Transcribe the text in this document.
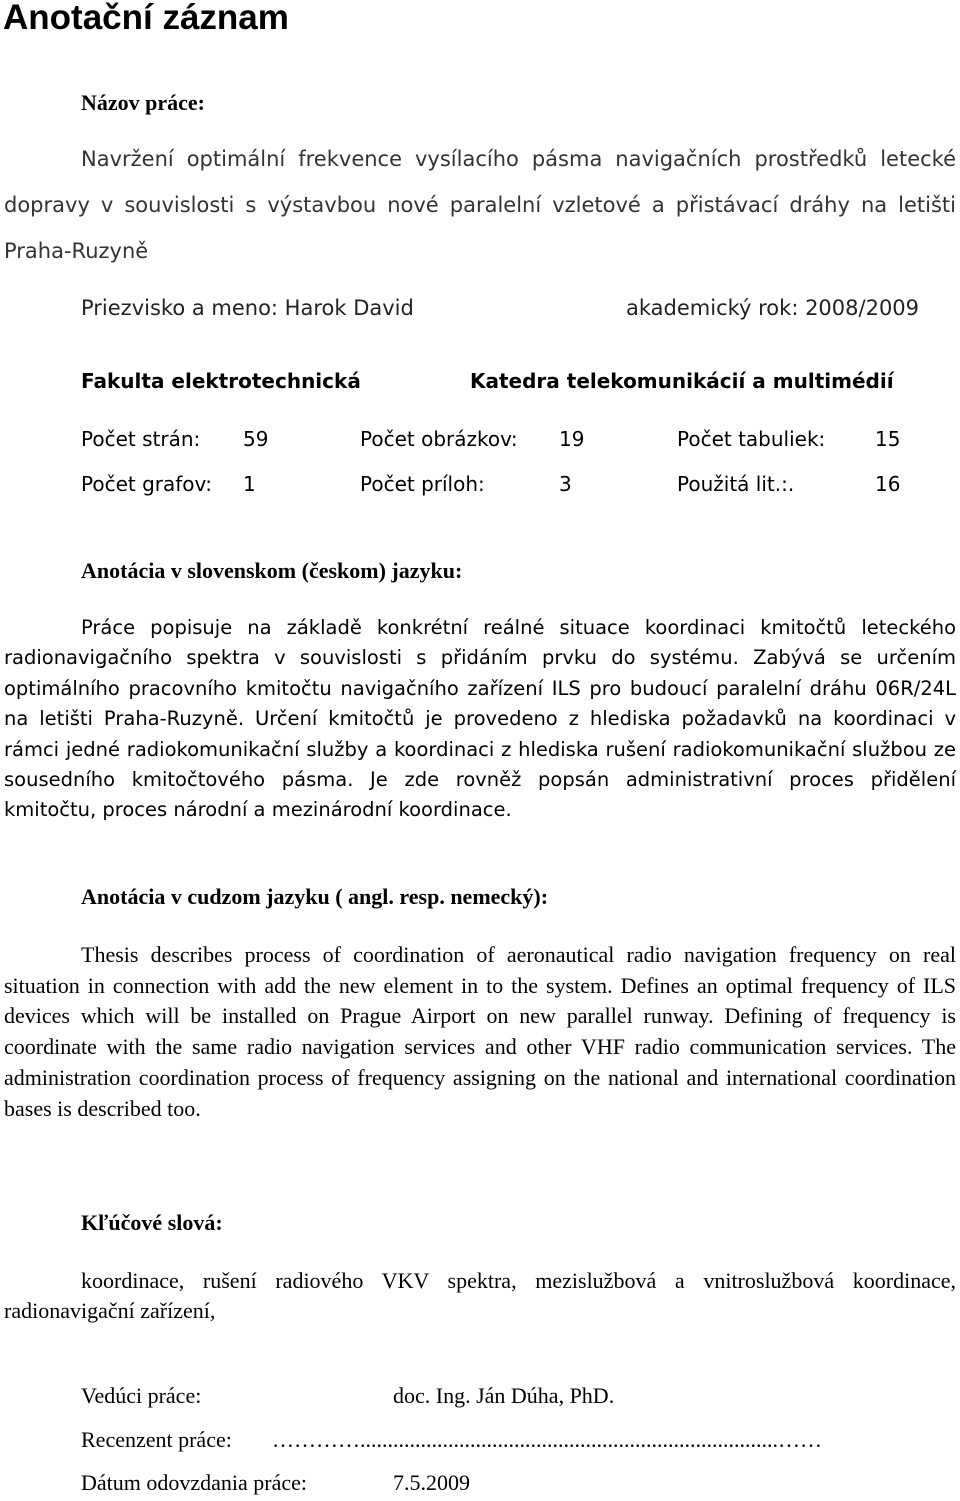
Anotační záznam
Názov práce:

Navržení optimální frekvence vysílacího pásma navigačních prostředků letecké dopravy v souvislosti s výstavbou nové paralelní vzletové a přistávací dráhy na letišti Praha-Ruzyně

Priezvisko a meno: Harok David	akademický rok: 2008/2009
Fakulta elektrotechnická	Katedra telekomunikácií a multimédií
Počet strán: 59	Počet obrázkov: 19	Počet tabuliek: 15
Počet grafov: 1	Počet príloh:	3	Použitá lit.:.	16
Anotácia v slovenskom (českom) jazyku:

Práce popisuje na základě konkrétní reálné situace koordinaci kmitočtů leteckého radionavigačního spektra v souvislosti s přidáním prvku do systému. Zabývá se určením optimálního pracovního kmitočtu navigačního zařízení ILS pro budoucí paralelní dráhu 06R/24L na letišti Praha-Ruzyně. Určení kmitočtů je provedeno z hlediska požadavků na koordinaci v rámci jedné radiokomunikační služby a koordinaci z hlediska rušení radiokomunikační službou ze sousedního kmitočtového pásma. Je zde rovněž popsán administrativní proces přidělení kmitočtu, proces národní a mezinárodní koordinace.

Anotácia v cudzom jazyku ( angl. resp. nemecký):

Thesis describes process of coordination of aeronautical radio navigation frequency on real situation in connection with add the new element in to the system. Defines an optimal frequency of ILS devices which will be installed on Prague Airport on new parallel runway. Defining of frequency is coordinate with the same radio navigation services and other VHF radio communication services. The administration coordination process of frequency assigning on the national and international coordination bases is described too.

Kľúčové slová:

koordinace, rušení radiového VKV spektra, mezislužbová a vnitroslužbová koordinace, radionavigační zařízení,

Vedúci práce:	doc. Ing. Ján Dúha, PhD.
Recenzent práce: …………............................................................................……
Dátum odovzdania práce:	7.5.2009
